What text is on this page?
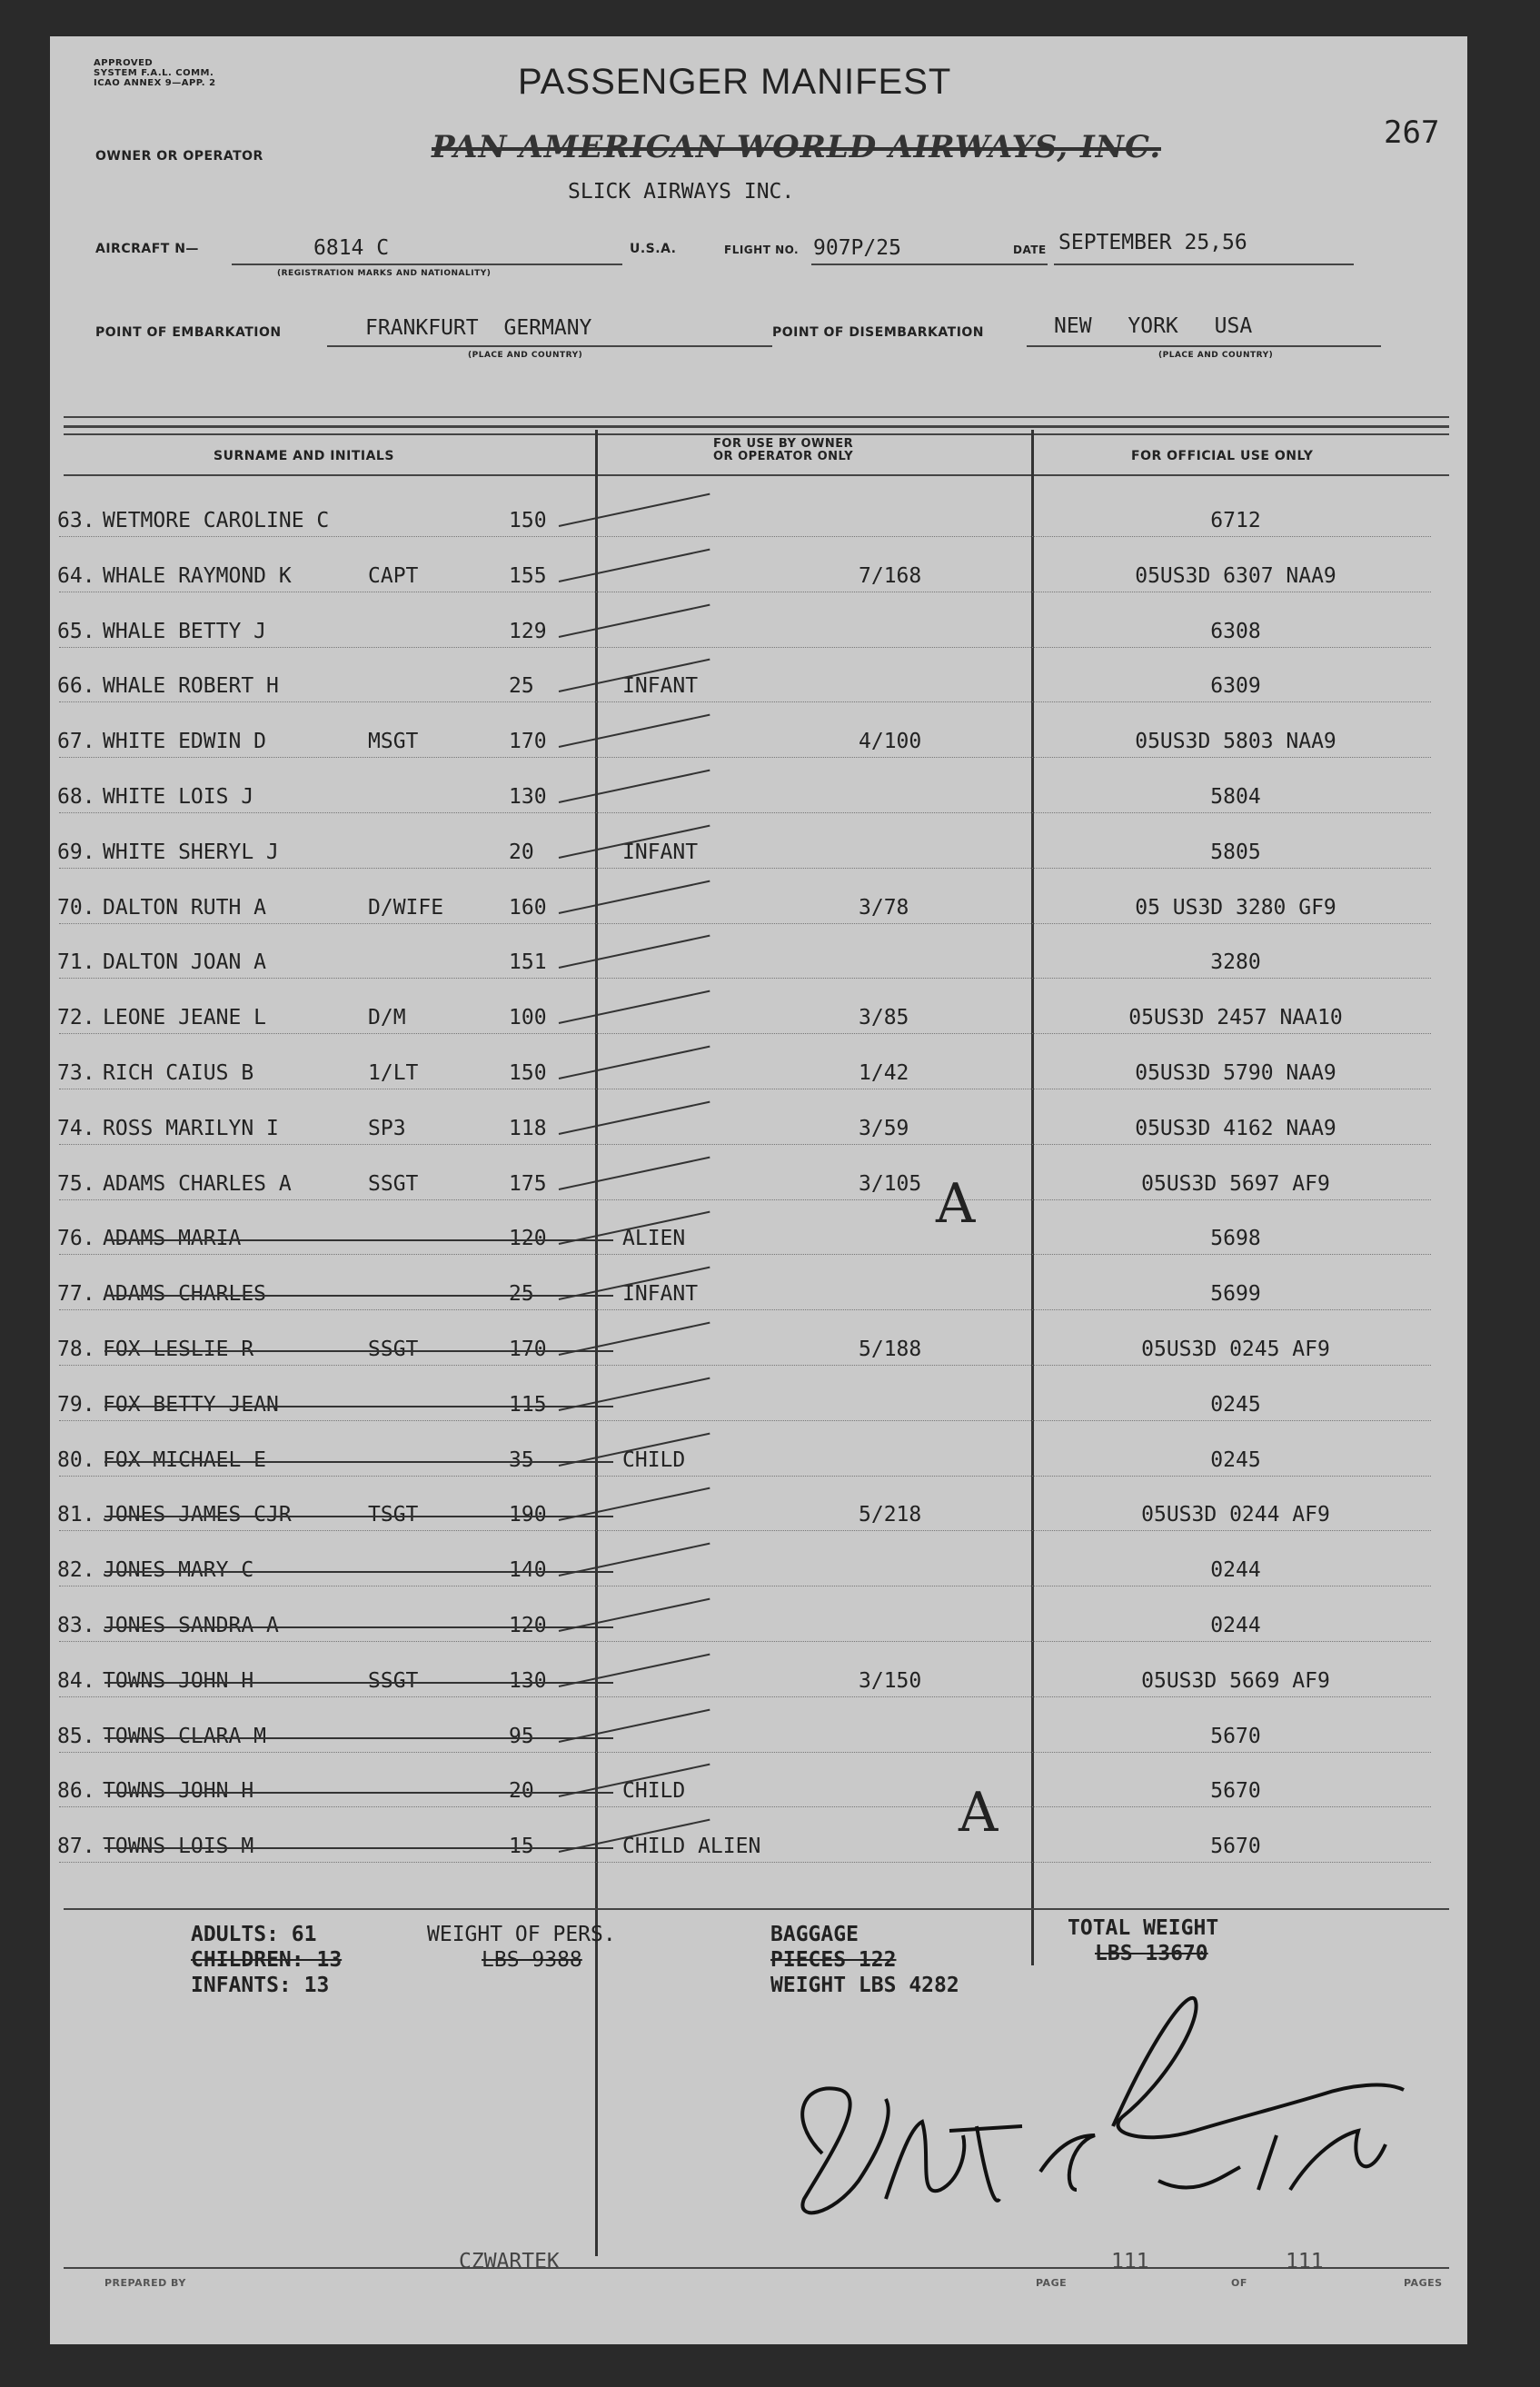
APPROVED
SYSTEM F.A.L. COMM.
ICAO ANNEX 9—APP. 2	PASSENGER MANIFEST
267
OWNER OR OPERATOR	PAN AMERICAN WORLD AIRWAYS, INC.
SLICK AIRWAYS INC.
AIRCRAFT N—	6814 C
(REGISTRATION MARKS AND NATIONALITY)
U.S.A.	FLIGHT NO. 907P/25	DATE SEPTEMBER 25,56
POINT OF EMBARKATION	FRANKFURT GERMANY
(PLACE AND COUNTRY)
POINT OF DISEMBARKATION	NEW YORK USA
(PLACE AND COUNTRY)
SURNAME AND INITIALS
FOR USE BY OWNER
OR OPERATOR ONLY	FOR OFFICIAL USE ONLY
63. WETMORE CAROLINE C	150	6712
64. WHALE RAYMOND K	CAPT	155	7/168	05US3D 6307 NAA9
65. WHALE BETTY J	129	6308
66. WHALE ROBERT H	25	INFANT	6309
67. WHITE EDWIN D	MSGT	170	4/100	05US3D 5803 NAA9
68. WHITE LOIS J	130	5804
69. WHITE SHERYL J	20	INFANT	5805
70. DALTON RUTH A	D/WIFE	160	3/78	05 US3D 3280 GF9
71. DALTON JOAN A	151	3280
72. LEONE JEANE L	D/M	100	3/85	05US3D 2457 NAA10
73. RICH CAIUS B	1/LT	150	1/42	05US3D 5790 NAA9
74. ROSS MARILYN I	SP3	118	3/59	05US3D 4162 NAA9
75. ADAMS CHARLES A	SSGT	175	3/105	05US3D 5697 AF9
76. ADAMS MARIA	120	ALIEN	5698
77. ADAMS CHARLES	25	INFANT	5699
78. FOX LESLIE R	SSGT	170	5/188	05US3D 0245 AF9
79. FOX BETTY JEAN	115	0245
80. FOX MICHAEL E	35	CHILD	0245
81. JONES JAMES CJR	TSGT	190	5/218	05US3D 0244 AF9
82. JONES MARY C	140	0244
83. JONES SANDRA A	120	0244
84. TOWNS JOHN H	SSGT	130	3/150	05US3D 5669 AF9
85. TOWNS CLARA M	95	5670
86. TOWNS JOHN H	20	CHILD	5670
87. TOWNS LOIS M	15	CHILD ALIEN	5670
A
A
ADULTS: 61
CHILDREN: 13
INFANTS: 13
WEIGHT OF PERS.
LBS 9388
BAGGAGE
PIECES 122
WEIGHT LBS 4282
TOTAL WEIGHT
LBS 13670
PREPARED BY
CZWARTEK
PAGE
111
OF
111
PAGES
